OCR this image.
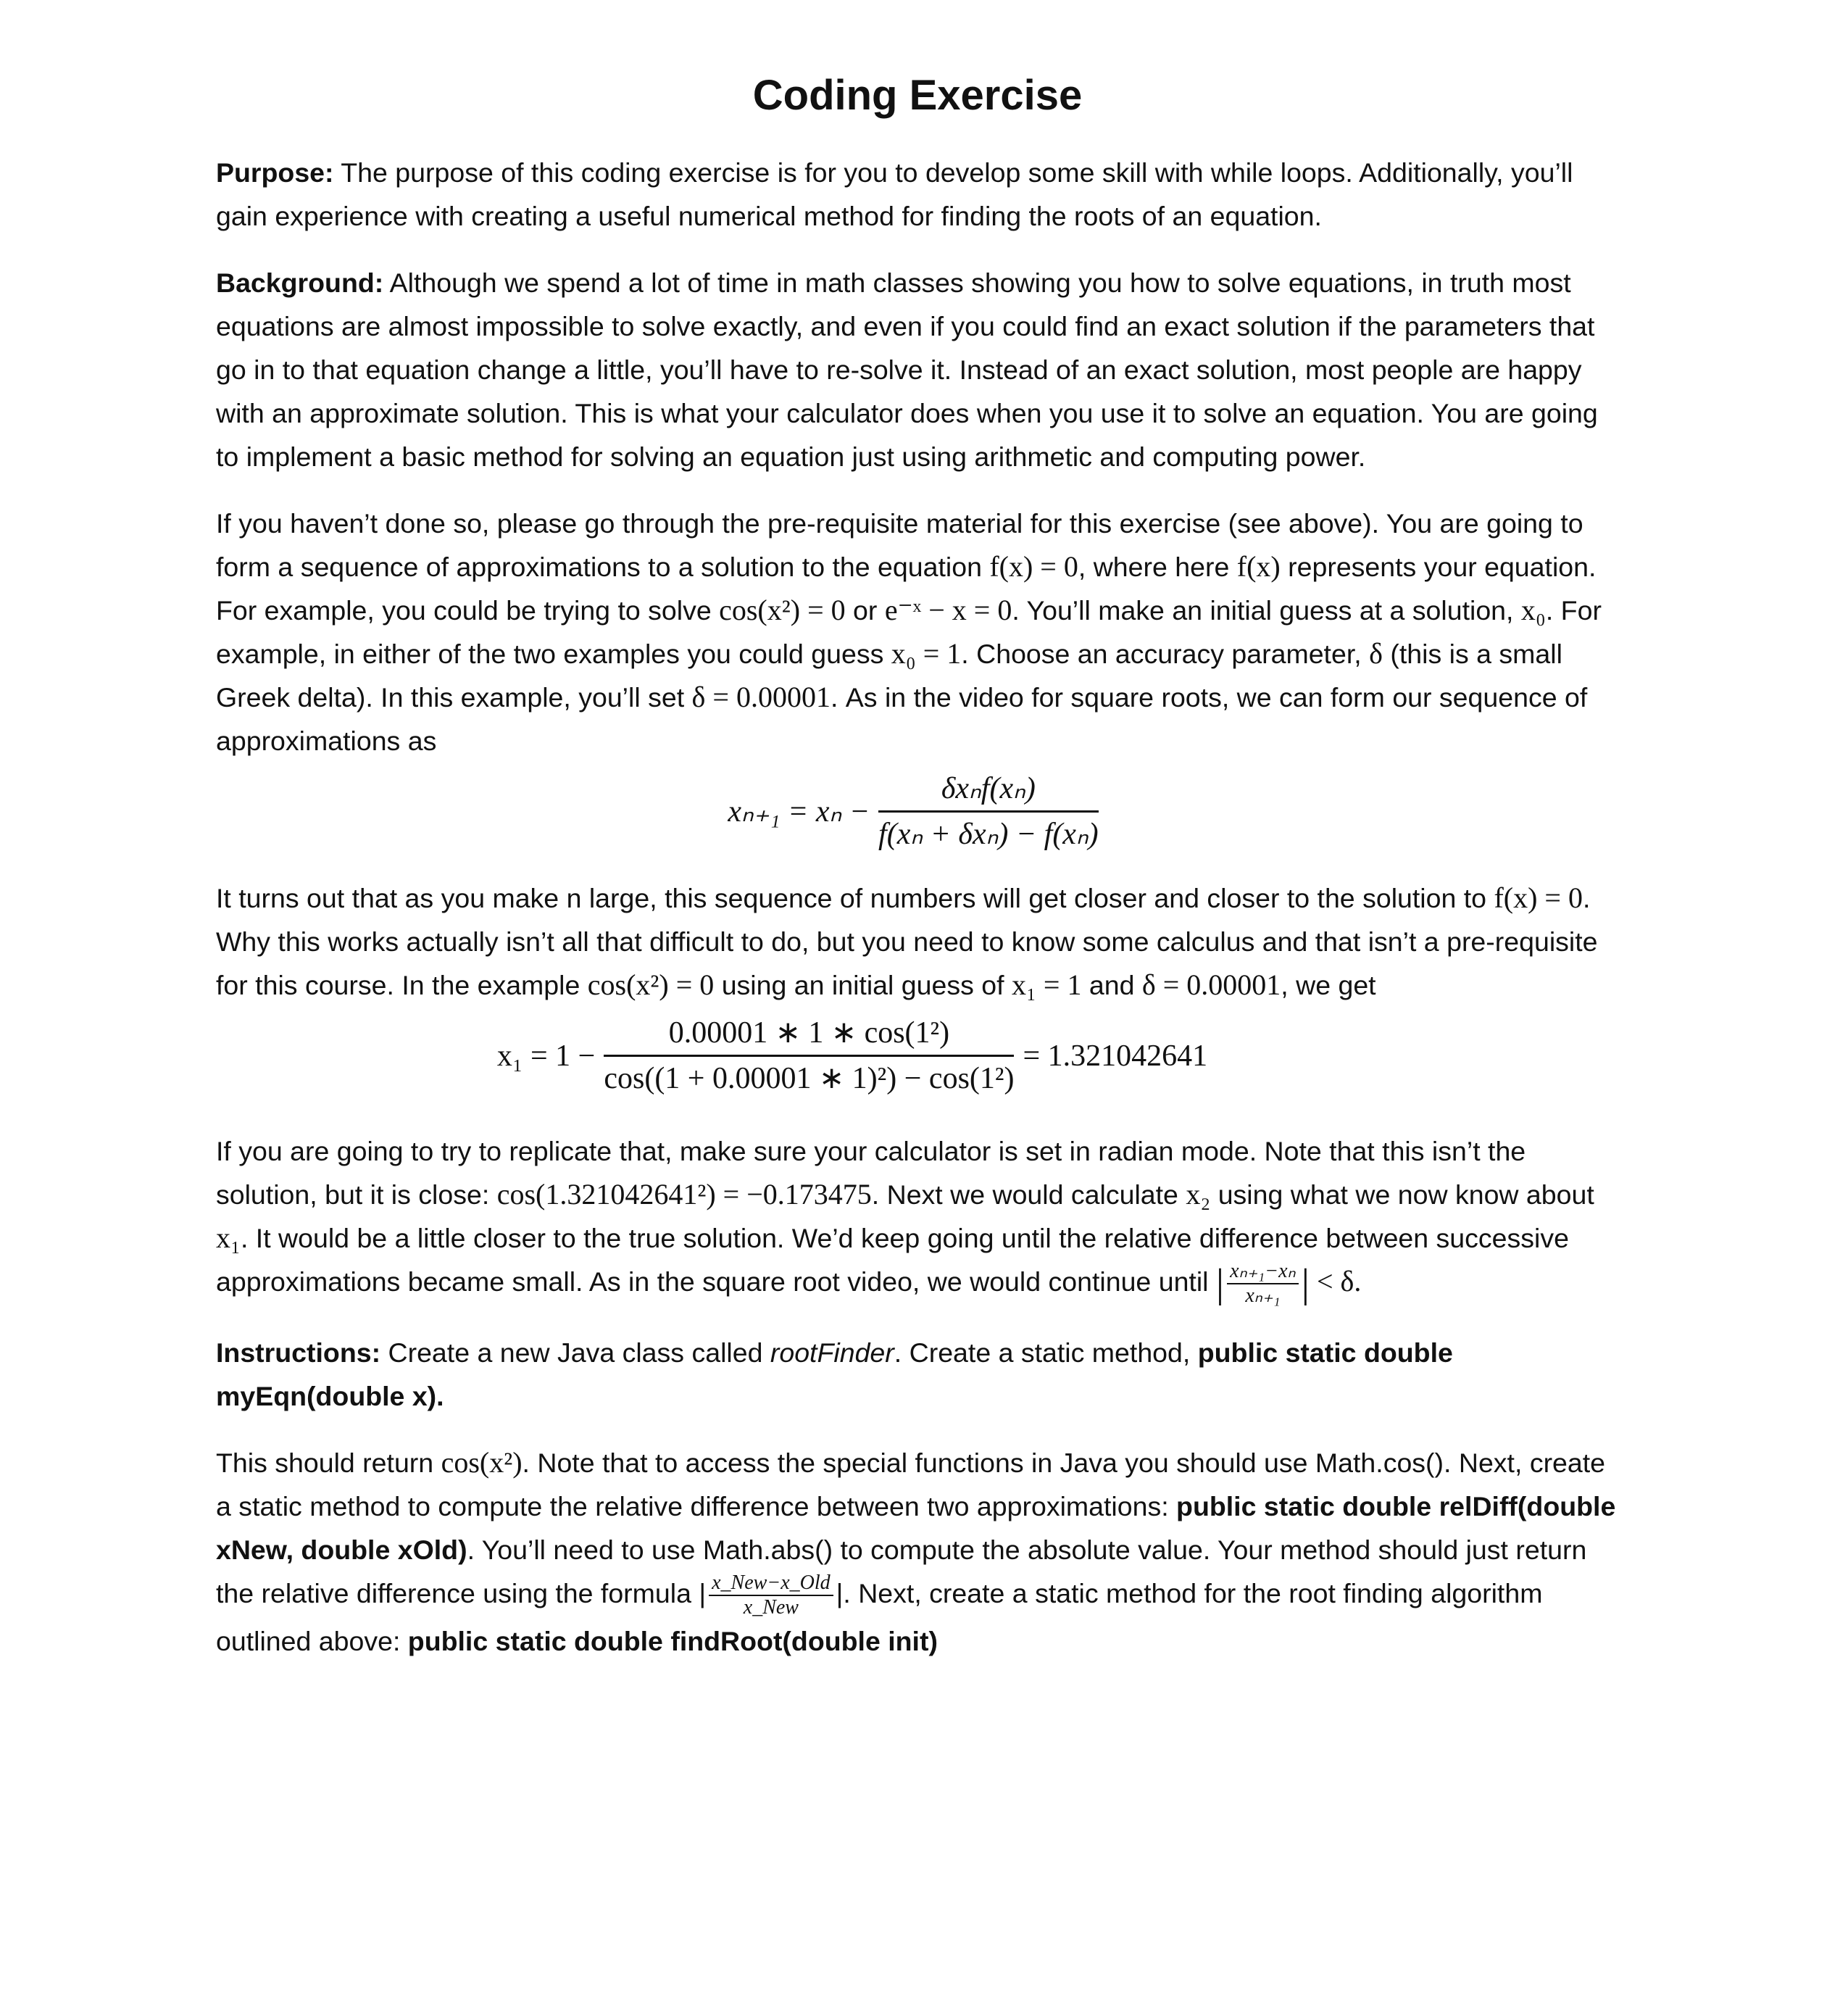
Coding Exercise

Purpose: The purpose of this coding exercise is for you to develop some skill with while loops. Additionally, you’ll gain experience with creating a useful numerical method for finding the roots of an equation.

Background: Although we spend a lot of time in math classes showing you how to solve equations, in truth most equations are almost impossible to solve exactly, and even if you could find an exact solution if the parameters that go in to that equation change a little, you’ll have to re-solve it. Instead of an exact solution, most people are happy with an approximate solution. This is what your calculator does when you use it to solve an equation. You are going to implement a basic method for solving an equation just using arithmetic and computing power.

If you haven’t done so, please go through the pre-requisite material for this exercise (see above). You are going to form a sequence of approximations to a solution to the equation f(x) = 0, where here f(x) represents your equation. For example, you could be trying to solve cos(x²) = 0 or e⁻ˣ − x = 0. You’ll make an initial guess at a solution, x₀. For example, in either of the two examples you could guess x₀ = 1. Choose an accuracy parameter, δ (this is a small Greek delta). In this example, you’ll set δ = 0.00001. As in the video for square roots, we can form our sequence of approximations as

$x_{n+1} = x_n - \frac{\text{δxₙf(xₙ)}}{\text{f(xₙ + δxₙ) − f(xₙ)}}$

It turns out that as you make n large, this sequence of numbers will get closer and closer to the solution to f(x) = 0. Why this works actually isn’t all that difficult to do, but you need to know some calculus and that isn’t a pre-requisite for this course. In the example cos(x²) = 0 using an initial guess of x₁ = 1 and δ = 0.00001, we get

$x_1 = 1 - \frac{\text{0.00001 ∗ 1 ∗ cos(1²)}}{\text{cos((1 + 0.00001 ∗ 1)²) − cos(1²)}} = 1.321042641$

If you are going to try to replicate that, make sure your calculator is set in radian mode. Note that this isn’t the solution, but it is close: cos(1.321042641²) = −0.173475. Next we would calculate x₂ using what we now know about x₁. It would be a little closer to the true solution. We’d keep going until the relative difference between successive approximations became small. As in the square root video, we would continue until | $\frac{\text{xₙ₊₁−xₙ}}{\text{xₙ₊₁}}$ | < δ.

Instructions: Create a new Java class called rootFinder. Create a static method, public static double myEqn(double x).

This should return cos(x²). Note that to access the special functions in Java you should use Math.cos(). Next, create a static method to compute the relative difference between two approximations: public static double relDiff(double xNew, double xOld). You’ll need to use Math.abs() to compute the absolute value. Your method should just return the relative difference using the formula | $\frac{\text{x\_New−x\_Old}}{\text{x\_New}}$ |. Next, create a static method for the root finding algorithm outlined above: public static double findRoot(double init)
